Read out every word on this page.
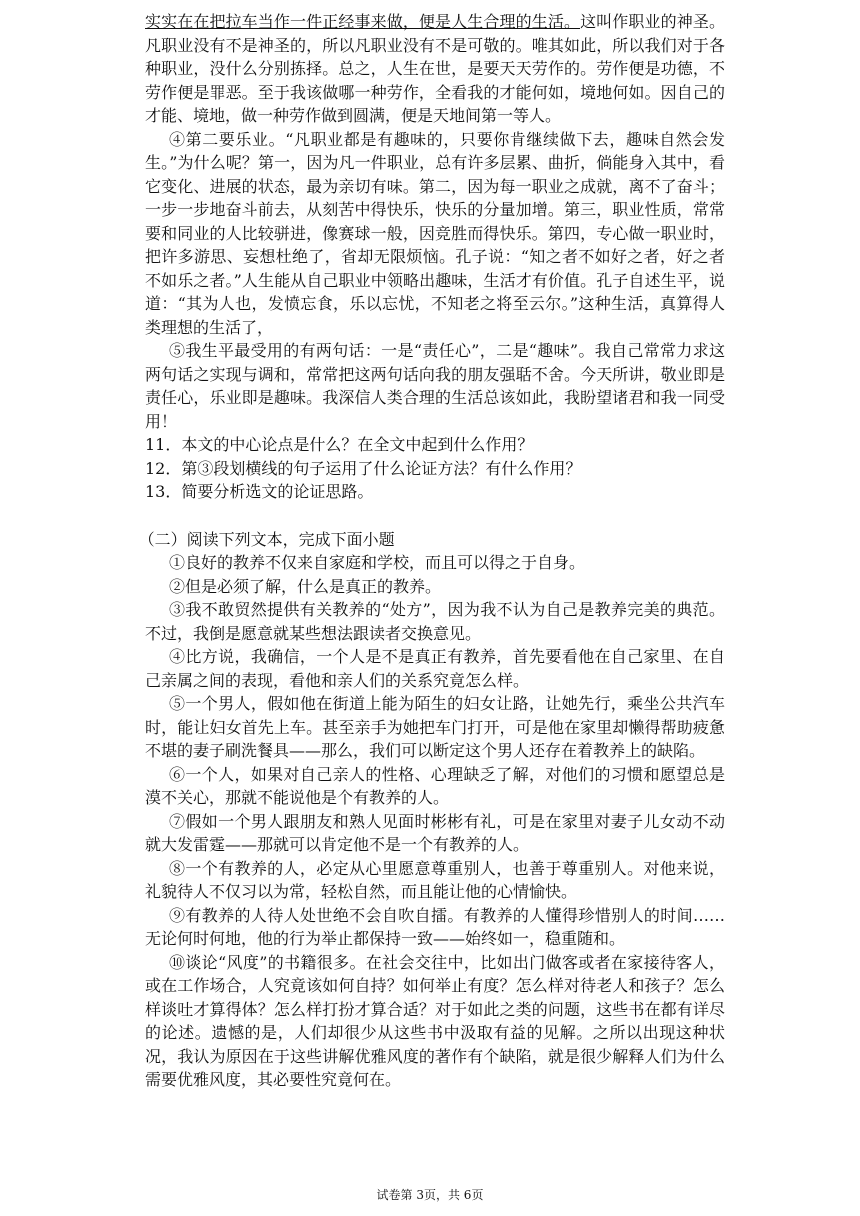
实实在在把拉车当作一件正经事来做，便是人生合理的生活。这叫作职业的神圣。凡职业没有不是神圣的，所以凡职业没有不是可敬的。唯其如此，所以我们对于各种职业，没什么分别拣择。总之，人生在世，是要天天劳作的。劳作便是功德，不劳作便是罪恶。至于我该做哪一种劳作，全看我的才能何如，境地何如。因自己的才能、境地，做一种劳作做到圆满，便是天地间第一等人。

④第二要乐业。“凡职业都是有趣味的，只要你肯继续做下去，趣味自然会发生。”为什么呢？第一，因为凡一件职业，总有许多层累、曲折，倘能身入其中，看它变化、进展的状态，最为亲切有味。第二，因为每一职业之成就，离不了奋斗；一步一步地奋斗前去，从刻苦中得快乐，快乐的分量加增。第三，职业性质，常常要和同业的人比较骈进，像赛球一般，因竞胜而得快乐。第四，专心做一职业时，把许多游思、妄想杜绝了，省却无限烦恼。孔子说：“知之者不如好之者，好之者不如乐之者。”人生能从自己职业中领略出趣味，生活才有价值。孔子自述生平，说道：“其为人也，发愤忘食，乐以忘忧，不知老之将至云尔。”这种生活，真算得人类理想的生活了，

⑤我生平最受用的有两句话：一是“责任心”，二是“趣味”。我自己常常力求这两句话之实现与调和，常常把这两句话向我的朋友强聒不舍。今天所讲，敬业即是责任心，乐业即是趣味。我深信人类合理的生活总该如此，我盼望诸君和我一同受用！

11．本文的中心论点是什么？在全文中起到什么作用？

12．第③段划横线的句子运用了什么论证方法？有什么作用？

13．简要分析选文的论证思路。

（二）阅读下列文本，完成下面小题

①良好的教养不仅来自家庭和学校，而且可以得之于自身。

②但是必须了解，什么是真正的教养。

③我不敢贸然提供有关教养的“处方”，因为我不认为自己是教养完美的典范。不过，我倒是愿意就某些想法跟读者交换意见。

④比方说，我确信，一个人是不是真正有教养，首先要看他在自己家里、在自己亲属之间的表现，看他和亲人们的关系究竟怎么样。

⑤一个男人，假如他在街道上能为陌生的妇女让路，让她先行，乘坐公共汽车时，能让妇女首先上车。甚至亲手为她把车门打开，可是他在家里却懒得帮助疲惫不堪的妻子刷洗餐具——那么，我们可以断定这个男人还存在着教养上的缺陷。

⑥一个人，如果对自己亲人的性格、心理缺乏了解，对他们的习惯和愿望总是漠不关心，那就不能说他是个有教养的人。

⑦假如一个男人跟朋友和熟人见面时彬彬有礼，可是在家里对妻子儿女动不动就大发雷霆——那就可以肯定他不是一个有教养的人。

⑧一个有教养的人，必定从心里愿意尊重别人，也善于尊重别人。对他来说，礼貌待人不仅习以为常，轻松自然，而且能让他的心情愉快。

⑨有教养的人待人处世绝不会自吹自擂。有教养的人懂得珍惜别人的时间……无论何时何地，他的行为举止都保持一致——始终如一，稳重随和。

⑩谈论“风度”的书籍很多。在社会交往中，比如出门做客或者在家接待客人，或在工作场合，人究竟该如何自持？如何举止有度？怎么样对待老人和孩子？怎么样谈吐才算得体？怎么样打扮才算合适？对于如此之类的问题，这些书在都有详尽的论述。遗憾的是，人们却很少从这些书中汲取有益的见解。之所以出现这种状况，我认为原因在于这些讲解优雅风度的著作有个缺陷，就是很少解释人们为什么需要优雅风度，其必要性究竟何在。

试卷第 3页，共 6页
